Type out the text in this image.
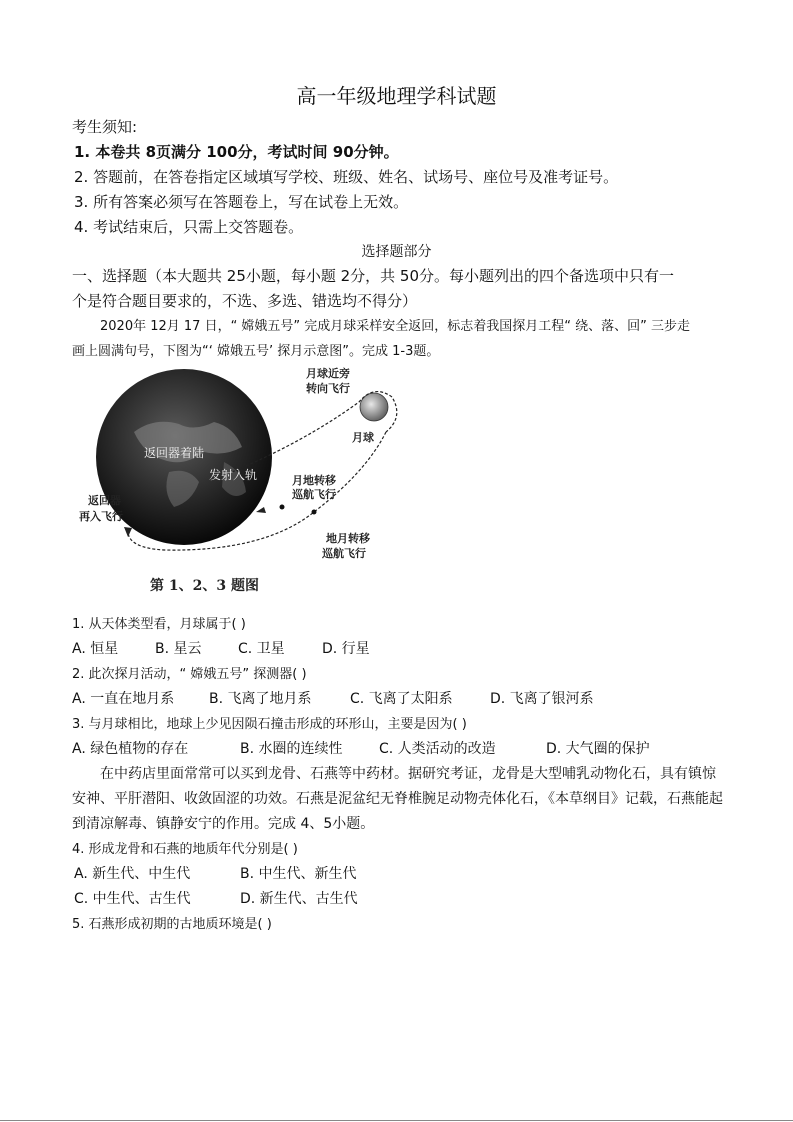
高一年级地理学科试题
考生须知:
1. 本卷共 8页满分 100分，考试时间 90分钟。
2. 答题前，在答卷指定区域填写学校、班级、姓名、试场号、座位号及准考证号。
3. 所有答案必须写在答题卷上，写在试卷上无效。
4. 考试结束后，只需上交答题卷。
选择题部分
一、选择题（本大题共 25小题，每小题 2分，共 50分。每小题列出的四个备选项中只有一
个是符合题目要求的，不选、多选、错选均不得分）
2020年 12月 17 日，“ 嫦娥五号” 完成月球采样安全返回，标志着我国探月工程“ 绕、落、回” 三步走
画上圆满句号，下图为“‘ 嫦娥五号’ 探月示意图”。完成 1-3题。
返回器着陆
发射入轨
月球
月球近旁
转向飞行
月地转移
巡航飞行
地月转移
巡航飞行
返回器
再入飞行
第 1、2、3 题图
1. 从天体类型看，月球属于( )
A. 恒星	B. 星云	C. 卫星	D. 行星
2. 此次探月活动，“ 嫦娥五号” 探测器( )
A. 一直在地月系 B. 飞离了地月系	C. 飞离了太阳系	D. 飞离了银河系
3. 与月球相比，地球上少见因陨石撞击形成的环形山，主要是因为( )
A. 绿色植物的存在	B. 水圈的连续性	C. 人类活动的改造	D. 大气圈的保护
在中药店里面常常可以买到龙骨、石燕等中药材。据研究考证，龙骨是大型哺乳动物化石，具有镇惊
安神、平肝潜阳、收敛固涩的功效。石燕是泥盆纪无脊椎腕足动物壳体化石，《本草纲目》记载，石燕能起
到清凉解毒、镇静安宁的作用。完成 4、5小题。
4. 形成龙骨和石燕的地质年代分别是( )
A. 新生代、中生代	B. 中生代、新生代
C. 中生代、古生代	D. 新生代、古生代
5. 石燕形成初期的古地质环境是( )
